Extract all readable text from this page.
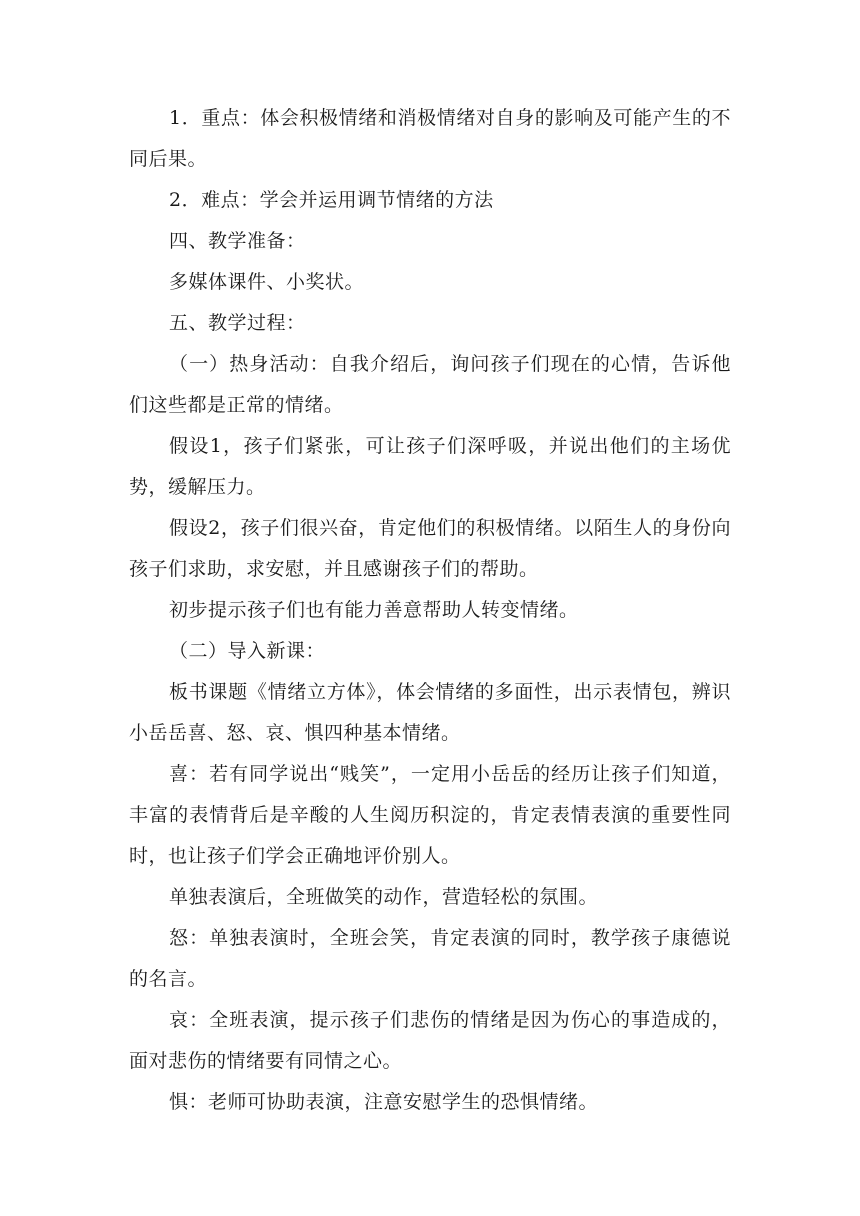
1．重点：体会积极情绪和消极情绪对自身的影响及可能产生的不同后果。

2．难点：学会并运用调节情绪的方法

四、教学准备：

多媒体课件、小奖状。

五、教学过程：

（一）热身活动：自我介绍后，询问孩子们现在的心情，告诉他们这些都是正常的情绪。

假设1，孩子们紧张，可让孩子们深呼吸，并说出他们的主场优势，缓解压力。

假设2，孩子们很兴奋，肯定他们的积极情绪。以陌生人的身份向孩子们求助，求安慰，并且感谢孩子们的帮助。

初步提示孩子们也有能力善意帮助人转变情绪。

（二）导入新课：

板书课题《情绪立方体》，体会情绪的多面性，出示表情包，辨识小岳岳喜、怒、哀、惧四种基本情绪。

喜：若有同学说出“贱笑”，一定用小岳岳的经历让孩子们知道，丰富的表情背后是辛酸的人生阅历积淀的，肯定表情表演的重要性同时，也让孩子们学会正确地评价别人。

单独表演后，全班做笑的动作，营造轻松的氛围。

怒：单独表演时，全班会笑，肯定表演的同时，教学孩子康德说的名言。

哀：全班表演，提示孩子们悲伤的情绪是因为伤心的事造成的，面对悲伤的情绪要有同情之心。

惧：老师可协助表演，注意安慰学生的恐惧情绪。
